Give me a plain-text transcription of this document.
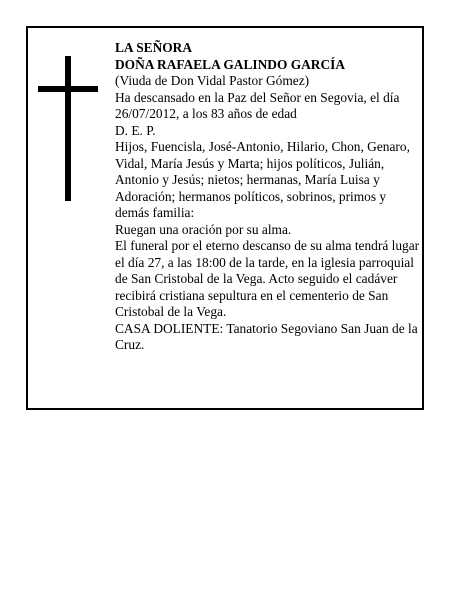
LA SEÑORA

DOÑA RAFAELA GALINDO GARCÍA

(Viuda de Don Vidal Pastor Gómez)

Ha descansado en la Paz del Señor en Segovia, el día 26/07/2012, a los 83 años de edad

D. E. P.

Hijos, Fuencisla, José-Antonio, Hilario, Chon, Genaro, Vidal, María Jesús y Marta; hijos políticos, Julián, Antonio y Jesús; nietos; hermanas, María Luisa y Adoración; hermanos políticos, sobrinos, primos y demás familia:

Ruegan una oración por su alma.

El funeral por el eterno descanso de su alma tendrá lugar el día 27, a las 18:00 de la tarde, en la iglesia parroquial de San Cristobal de la Vega. Acto seguido el cadáver recibirá cristiana sepultura en el cementerio de San Cristobal de la Vega.

CASA DOLIENTE: Tanatorio Segoviano San Juan de la Cruz.
